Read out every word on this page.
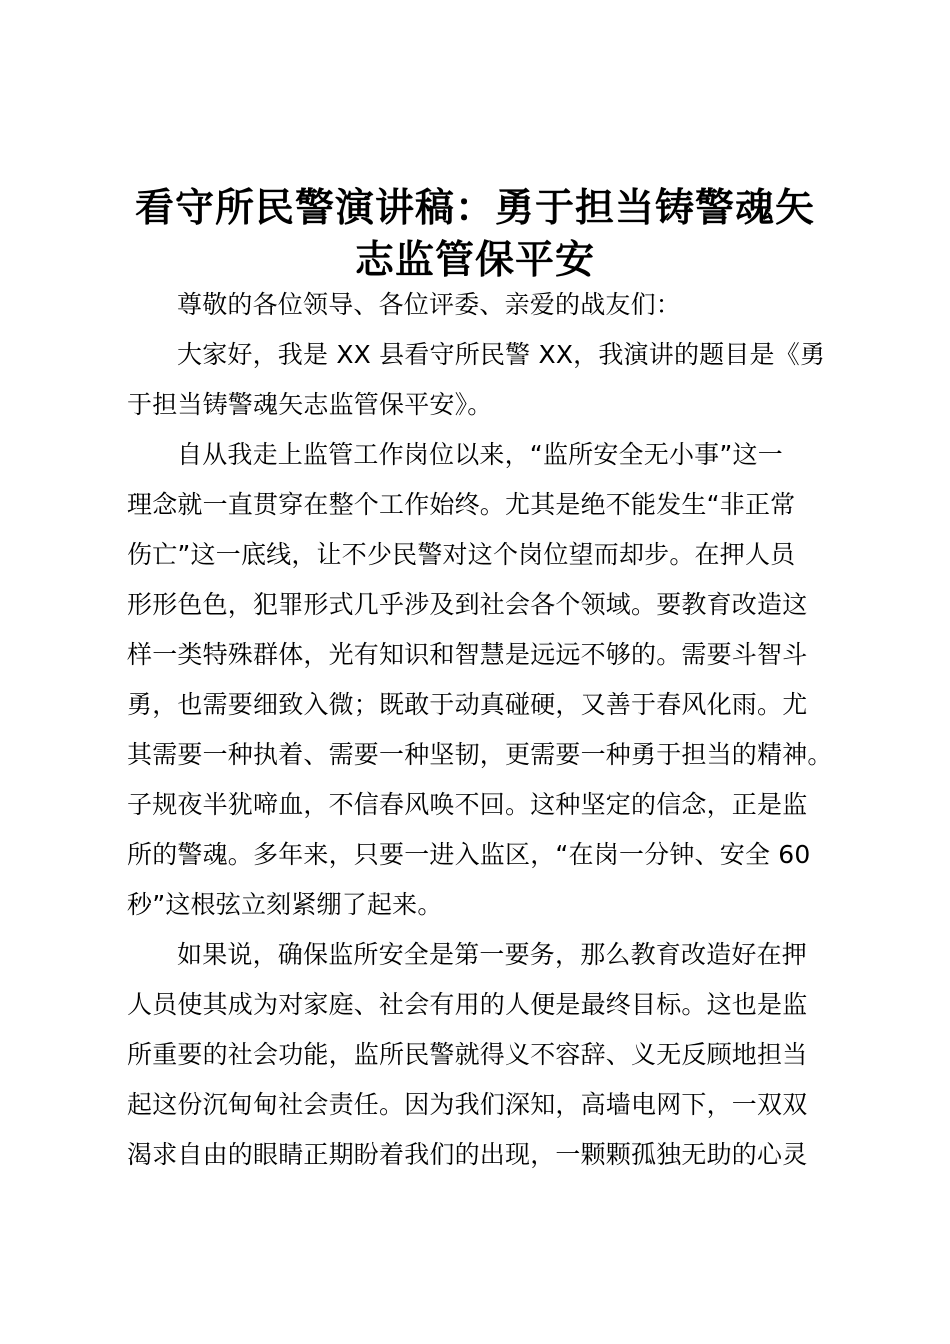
看守所民警演讲稿：勇于担当铸警魂矢
志监管保平安
尊敬的各位领导、各位评委、亲爱的战友们：
大家好，我是 XX 县看守所民警 XX，我演讲的题目是《勇
于担当铸警魂矢志监管保平安》。
自从我走上监管工作岗位以来，“监所安全无小事”这一
理念就一直贯穿在整个工作始终。尤其是绝不能发生“非正常
伤亡”这一底线，让不少民警对这个岗位望而却步。在押人员
形形色色，犯罪形式几乎涉及到社会各个领域。要教育改造这
样一类特殊群体，光有知识和智慧是远远不够的。需要斗智斗
勇，也需要细致入微；既敢于动真碰硬，又善于春风化雨。尤
其需要一种执着、需要一种坚韧，更需要一种勇于担当的精神。
子规夜半犹啼血，不信春风唤不回。这种坚定的信念，正是监
所的警魂。多年来，只要一进入监区，“在岗一分钟、安全 60
秒”这根弦立刻紧绷了起来。
如果说，确保监所安全是第一要务，那么教育改造好在押
人员使其成为对家庭、社会有用的人便是最终目标。这也是监
所重要的社会功能，监所民警就得义不容辞、义无反顾地担当
起这份沉甸甸社会责任。因为我们深知，高墙电网下，一双双
渴求自由的眼睛正期盼着我们的出现，一颗颗孤独无助的心灵
